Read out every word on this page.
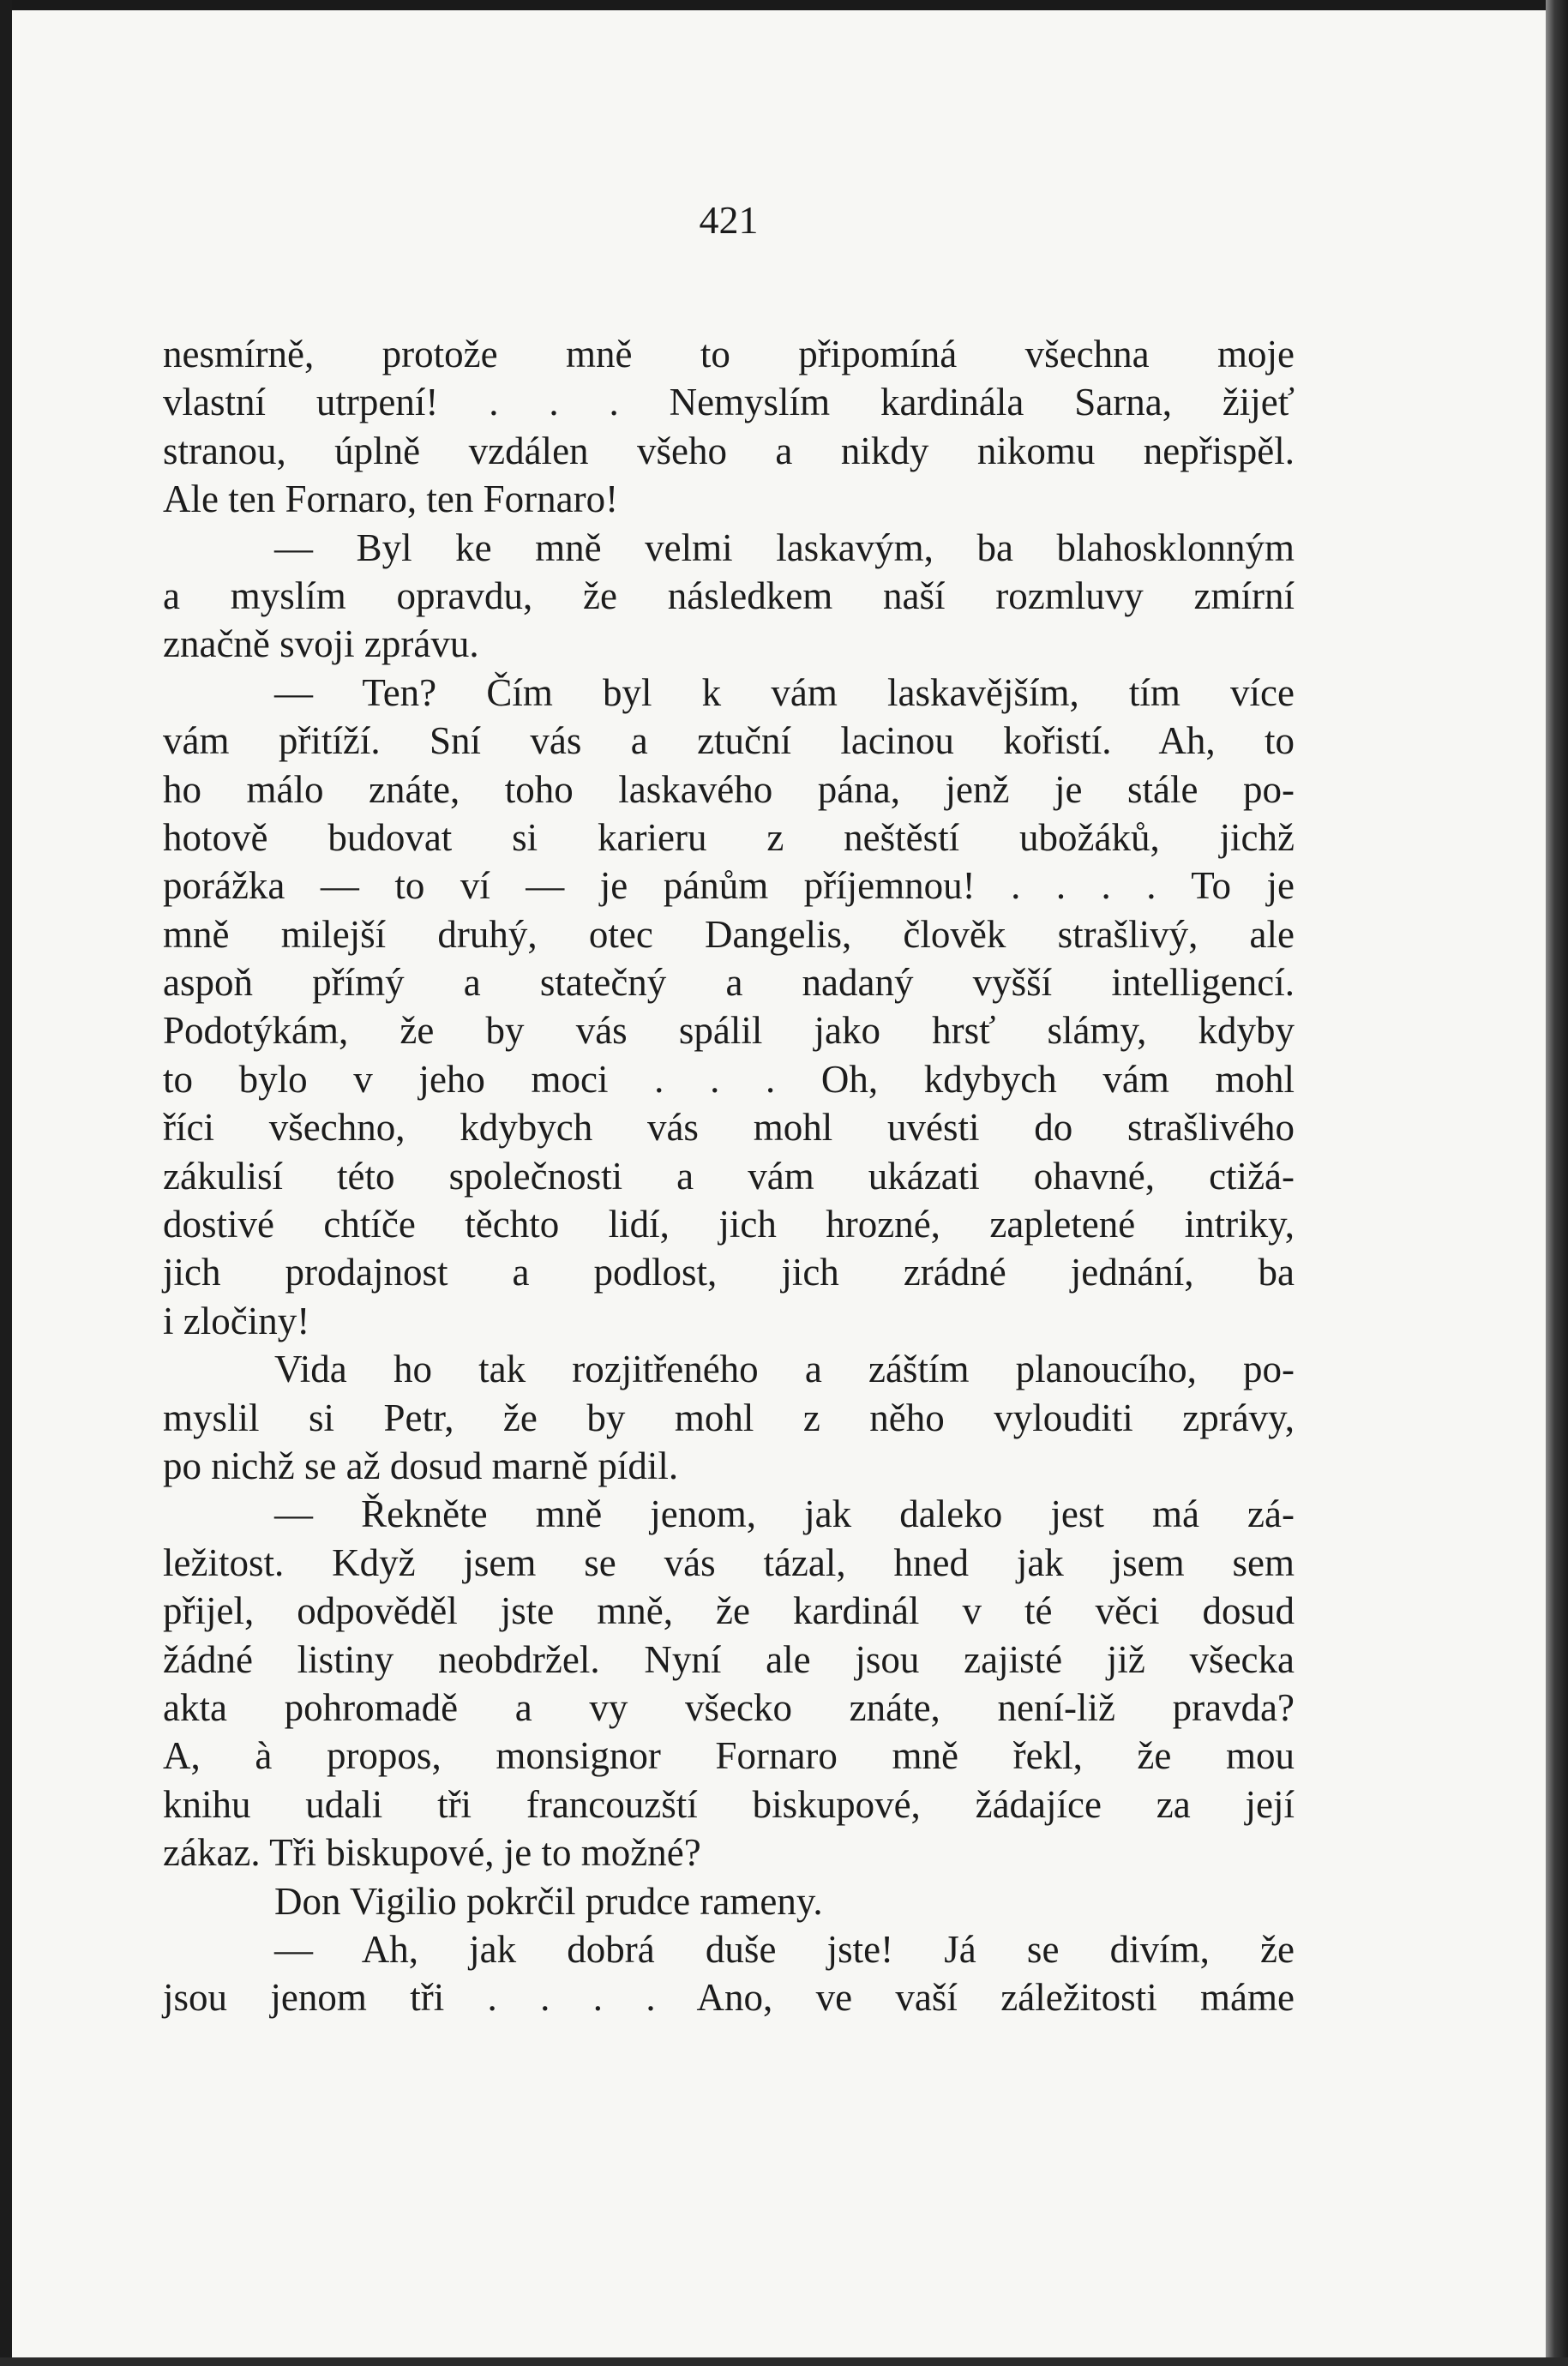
421
nesmírně, protože mně to připomíná všechna moje
vlastní utrpení! . . . Nemyslím kardinála Sarna, žijeť
stranou, úplně vzdálen všeho a nikdy nikomu nepřispěl.
Ale ten Fornaro, ten Fornaro!
— Byl ke mně velmi laskavým, ba blahosklonným
a myslím opravdu, že následkem naší rozmluvy zmírní
značně svoji zprávu.
— Ten? Čím byl k vám laskavějším, tím více
vám přitíží. Sní vás a ztuční lacinou kořistí. Ah, to
ho málo znáte, toho laskavého pána, jenž je stále po-
hotově budovat si karieru z neštěstí ubožáků, jichž
porážka — to ví — je pánům příjemnou! . . . . To je
mně milejší druhý, otec Dangelis, člověk strašlivý, ale
aspoň přímý a statečný a nadaný vyšší intelligencí.
Podotýkám, že by vás spálil jako hrsť slámy, kdyby
to bylo v jeho moci . . . Oh, kdybych vám mohl
říci všechno, kdybych vás mohl uvésti do strašlivého
zákulisí této společnosti a vám ukázati ohavné, ctižá-
dostivé chtíče těchto lidí, jich hrozné, zapletené intriky,
jich prodajnost a podlost, jich zrádné jednání, ba
i zločiny!
Vida ho tak rozjitřeného a záštím planoucího, po-
myslil si Petr, že by mohl z něho vylouditi zprávy,
po nichž se až dosud marně pídil.
— Řekněte mně jenom, jak daleko jest má zá-
ležitost. Když jsem se vás tázal, hned jak jsem sem
přijel, odpověděl jste mně, že kardinál v té věci dosud
žádné listiny neobdržel. Nyní ale jsou zajisté již všecka
akta pohromadě a vy všecko znáte, není-liž pravda?
A, à propos, monsignor Fornaro mně řekl, že mou
knihu udali tři francouzští biskupové, žádajíce za její
zákaz. Tři biskupové, je to možné?
Don Vigilio pokrčil prudce rameny.
— Ah, jak dobrá duše jste! Já se divím, že
jsou jenom tři . . . . Ano, ve vaší záležitosti máme
